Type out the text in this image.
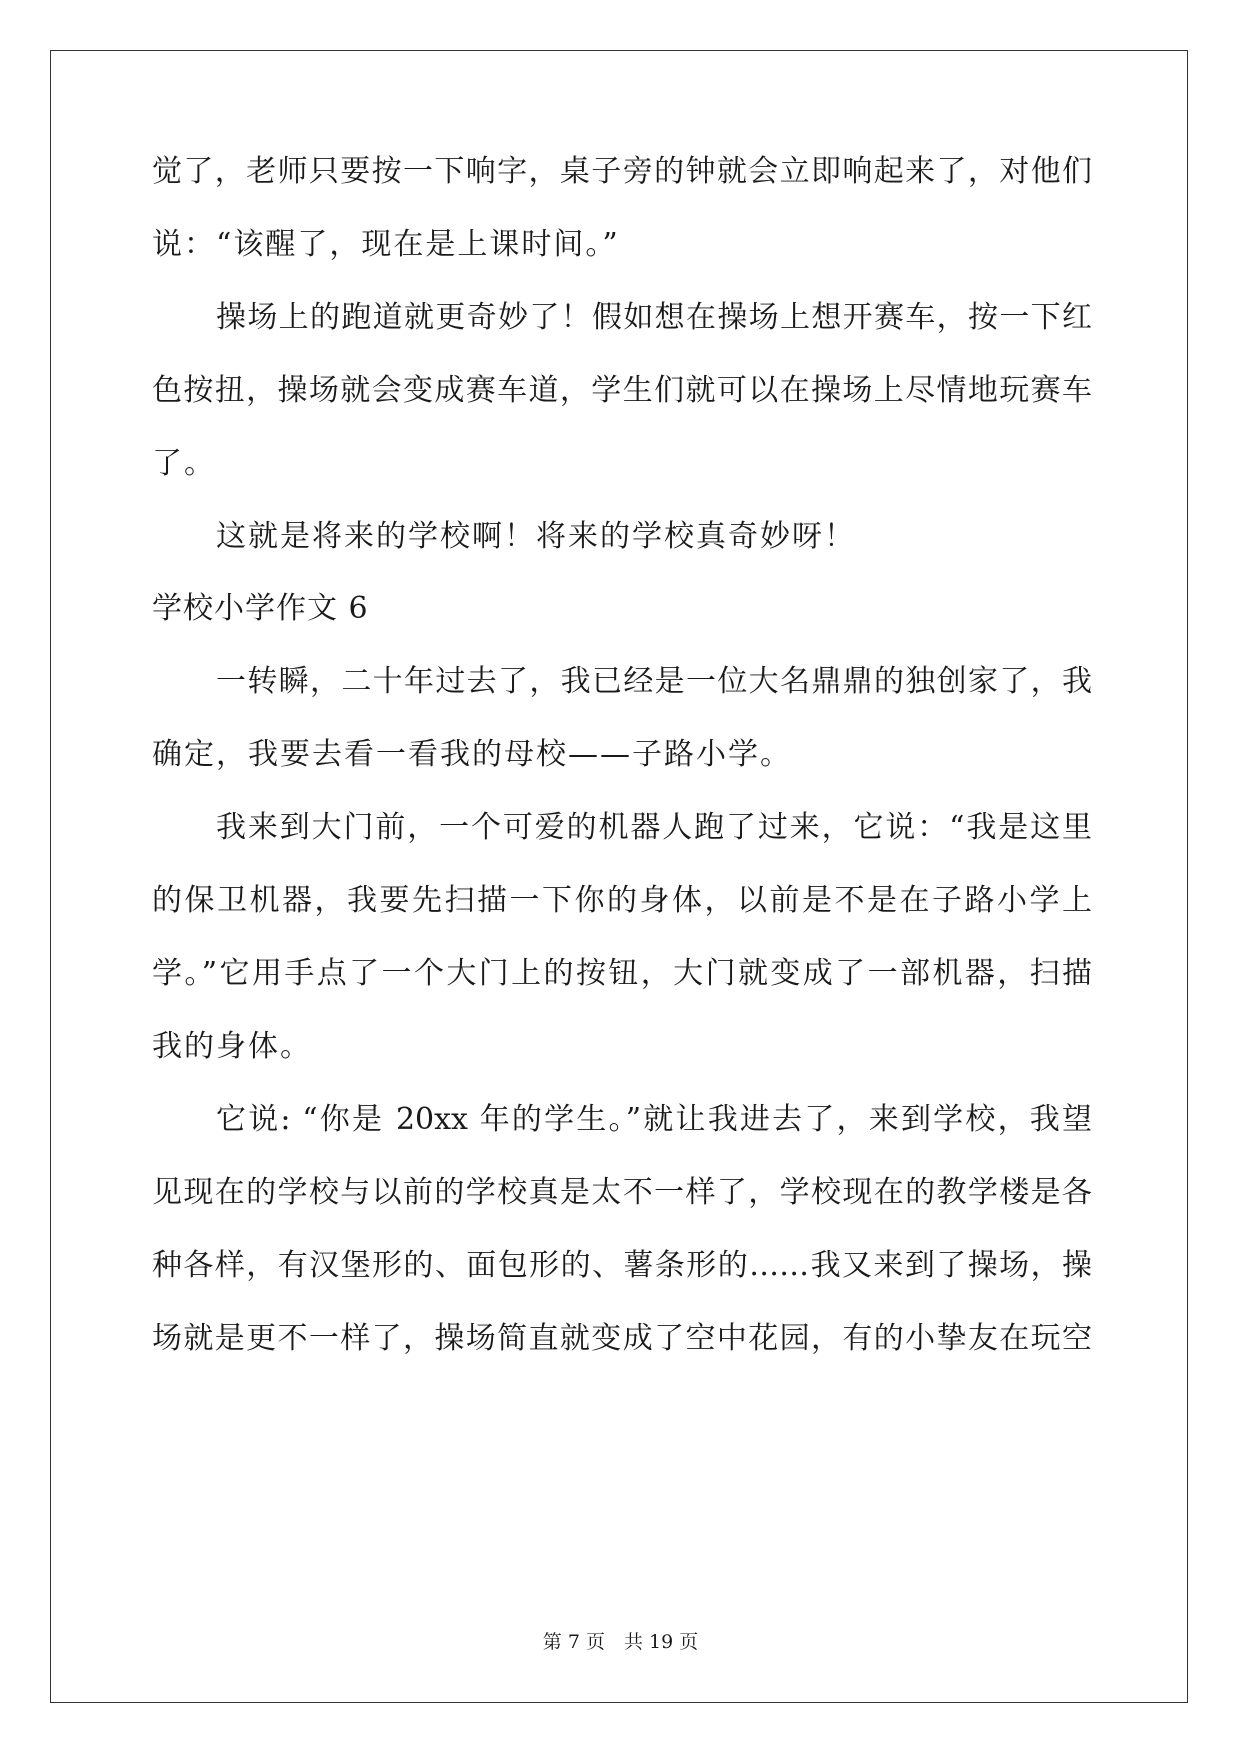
觉了，老师只要按一下响字，桌子旁的钟就会立即响起来了，对他们
说：“该醒了，现在是上课时间。”
操场上的跑道就更奇妙了！假如想在操场上想开赛车，按一下红
色按扭，操场就会变成赛车道，学生们就可以在操场上尽情地玩赛车
了。
这就是将来的学校啊！将来的学校真奇妙呀！
学校小学作文 6
一转瞬，二十年过去了，我已经是一位大名鼎鼎的独创家了，我
确定，我要去看一看我的母校——子路小学。
我来到大门前，一个可爱的机器人跑了过来，它说：“我是这里
的保卫机器，我要先扫描一下你的身体，以前是不是在子路小学上
学。”它用手点了一个大门上的按钮，大门就变成了一部机器，扫描
我的身体。
它说: “你是 20xx 年的学生。”就让我进去了，来到学校，我望
见现在的学校与以前的学校真是太不一样了，学校现在的教学楼是各
种各样，有汉堡形的、面包形的、薯条形的……我又来到了操场，操
场就是更不一样了，操场简直就变成了空中花园，有的小挚友在玩空
第 7 页　共 19 页
